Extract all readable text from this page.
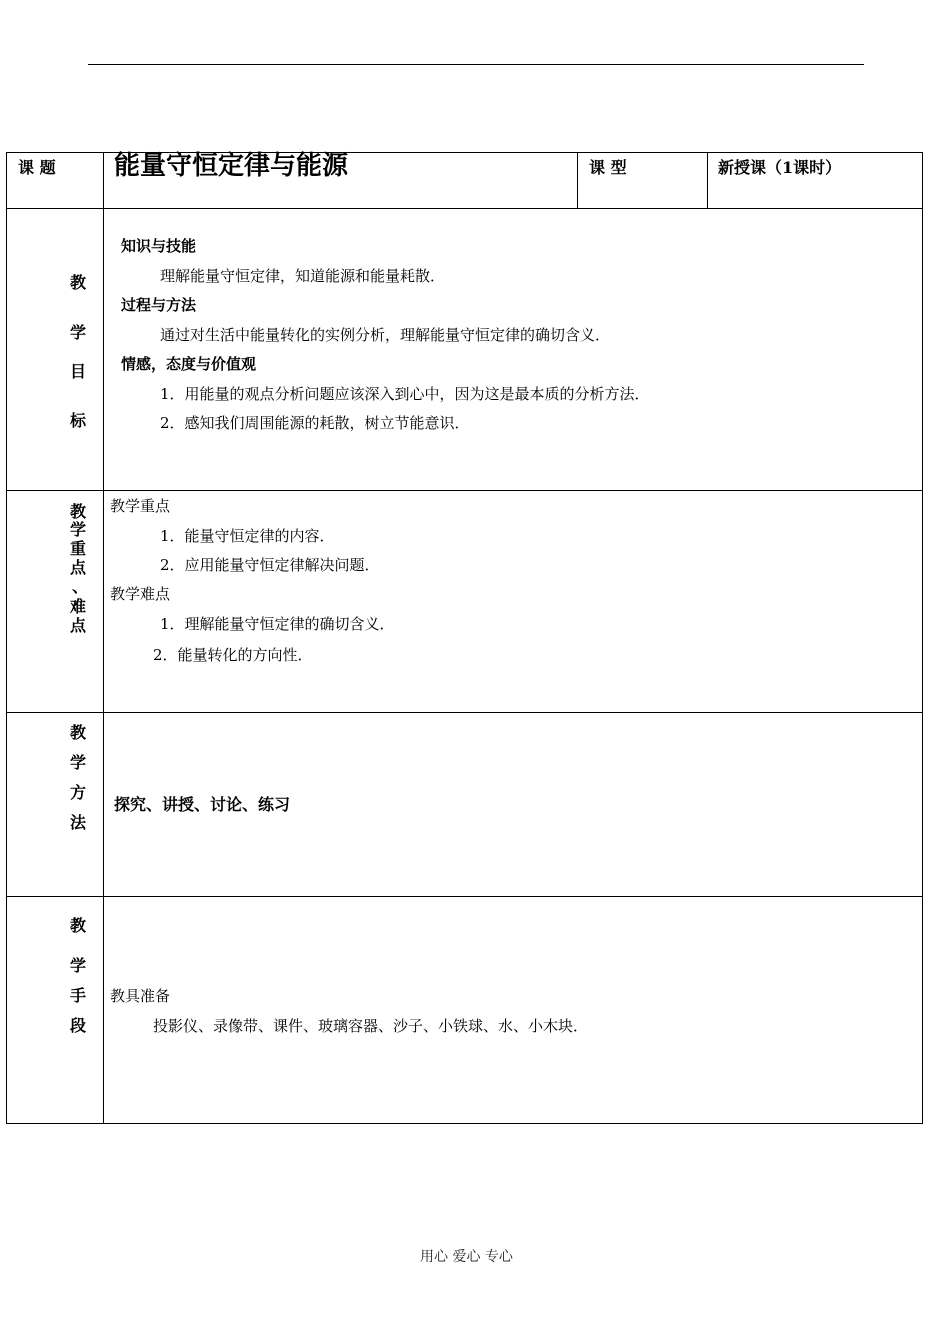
课 题 能量守恒定律与能源	课 型	新授课（1课时）
教
学
目
标
知识与技能
理解能量守恒定律，知道能源和能量耗散．
过程与方法
通过对生活中能量转化的实例分析，理解能量守恒定律的确切含义．
情感，态度与价值观
1．用能量的观点分析问题应该深入到心中，因为这是最本质的分析方法．
2．感知我们周围能源的耗散，树立节能意识．
教
学
重
点
、
难
点
教学重点
1．能量守恒定律的内容．
2．应用能量守恒定律解决问题．
教学难点
1．理解能量守恒定律的确切含义．
2．能量转化的方向性．
教
学
方
法
探究、讲授、讨论、练习
教
学
手
段
教具准备
投影仪、录像带、课件、玻璃容器、沙子、小铁球、水、小木块．
用心 爱心 专心
